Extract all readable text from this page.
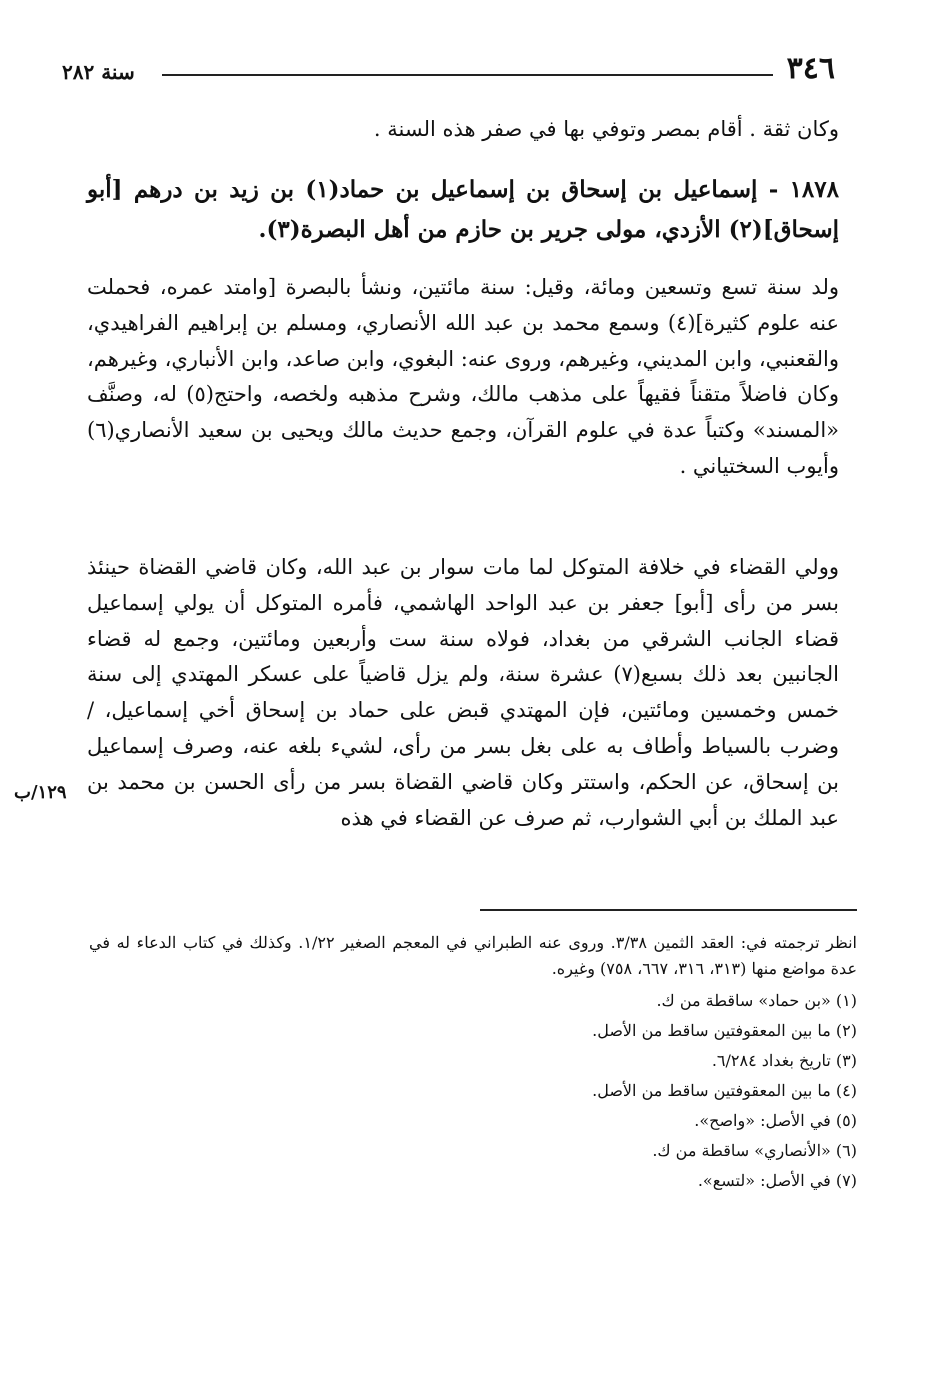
٣٤٦
سنة ٢٨٢

وكان ثقة . أقام بمصر وتوفي بها في صفر هذه السنة .

١٨٧٨ - إسماعيل بن إسحاق بن إسماعيل بن حماد(١) بن زيد بن درهم [أبو إسحاق](٢) الأزدي، مولى جرير بن حازم من أهل البصرة(٣).

ولد سنة تسع وتسعين ومائة، وقيل: سنة مائتين، ونشأ بالبصرة [وامتد عمره، فحملت عنه علوم كثيرة](٤) وسمع محمد بن عبد الله الأنصاري، ومسلم بن إبراهيم الفراهيدي، والقعنبي، وابن المديني، وغيرهم، وروى عنه: البغوي، وابن صاعد، وابن الأنباري، وغيرهم، وكان فاضلاً متقناً فقيهاً على مذهب مالك، وشرح مذهبه ولخصه، واحتج(٥) له، وصنَّف «المسند» وكتباً عدة في علوم القرآن، وجمع حديث مالك ويحيى بن سعيد الأنصاري(٦) وأيوب السختياني .

وولي القضاء في خلافة المتوكل لما مات سوار بن عبد الله، وكان قاضي القضاة حينئذ بسر من رأى [أبو] جعفر بن عبد الواحد الهاشمي، فأمره المتوكل أن يولي إسماعيل قضاء الجانب الشرقي من بغداد، فولاه سنة ست وأربعين ومائتين، وجمع له قضاء الجانبين بعد ذلك بسبع(٧) عشرة سنة، ولم يزل قاضياً على عسكر المهتدي إلى سنة خمس وخمسين ومائتين، فإن المهتدي قبض على حماد بن إسحاق أخي إسماعيل، / وضرب بالسياط وأطاف به على بغل بسر من رأى، لشيء بلغه عنه، وصرف إسماعيل بن إسحاق، عن الحكم، واستتر وكان قاضي القضاة بسر من رأى الحسن بن محمد بن عبد الملك بن أبي الشوارب، ثم صرف عن القضاء في هذه

١٢٩/ب
انظر ترجمته في: العقد الثمين ٣/٣٨. وروى عنه الطبراني في المعجم الصغير ١/٢٢. وكذلك في كتاب الدعاء له في عدة مواضع منها (٣١٣، ٣١٦، ٦٦٧، ٧٥٨) وغيره.
(١) «بن حماد» ساقطة من ك.
(٢) ما بين المعقوفتين ساقط من الأصل.
(٣) تاريخ بغداد ٦/٢٨٤.
(٤) ما بين المعقوفتين ساقط من الأصل.
(٥) في الأصل: «واصح».
(٦) «الأنصاري» ساقطة من ك.
(٧) في الأصل: «لتسع».
